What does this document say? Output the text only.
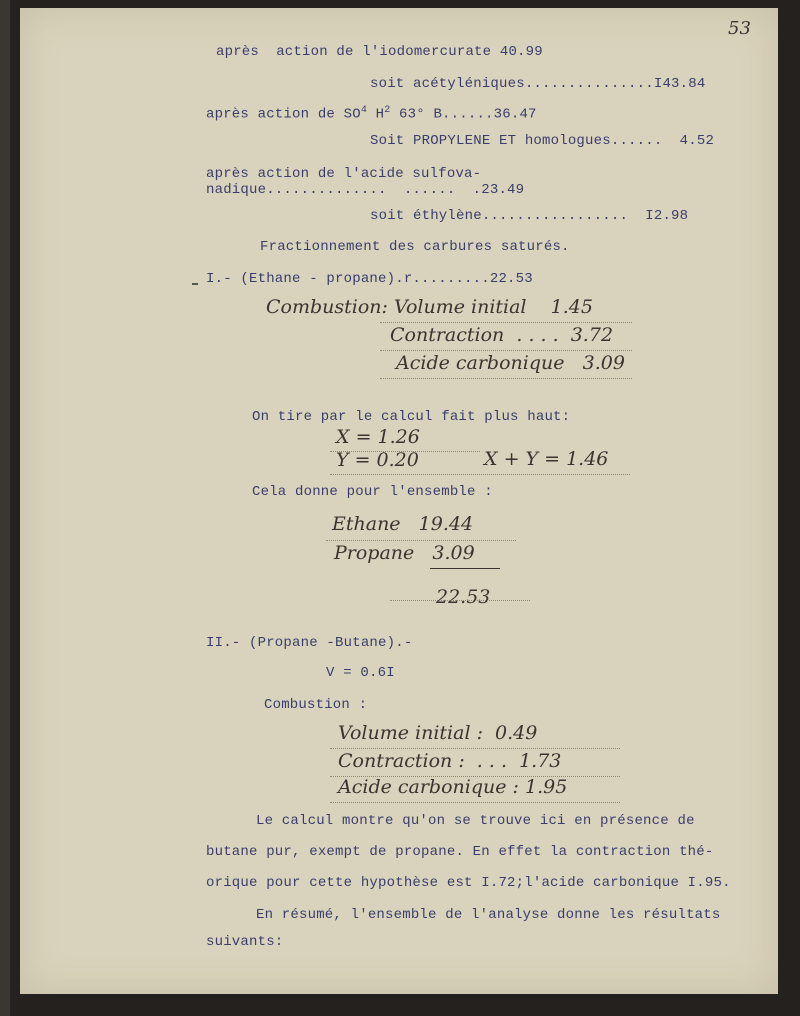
53
après  action de l'iodomercurate 40.99
soit acétyléniques...............I43.84
après action de $SO^4$ $H^2$ 63° B......36.47
Soit PROPYLENE ET homologues......  4.52
après action de l'acide sulfova-
nadique..............  ......  .23.49
soit éthylène.................  I2.98
Fractionnement des carbures saturés.
I.- (Ethane - propane).r.........22.53
Combustion: Volume initial    1.45
Contraction  . . . .  3.72
Acide carbonique   3.09
On tire par le calcul fait plus haut:
X = 1.26
Y = 0.20	X + Y = 1.46
Cela donne pour l'ensemble :
Ethane   19.44
Propane   3.09
22.53
II.- (Propane -Butane).-
V = 0.6I
Combustion :
Volume initial :  0.49
Contraction :  . . .  1.73
Acide carbonique : 1.95
Le calcul montre qu'on se trouve ici en présence de
butane pur, exempt de propane. En effet la contraction thé-
orique pour cette hypothèse est I.72;l'acide carbonique I.95.
En résumé, l'ensemble de l'analyse donne les résultats
suivants:
